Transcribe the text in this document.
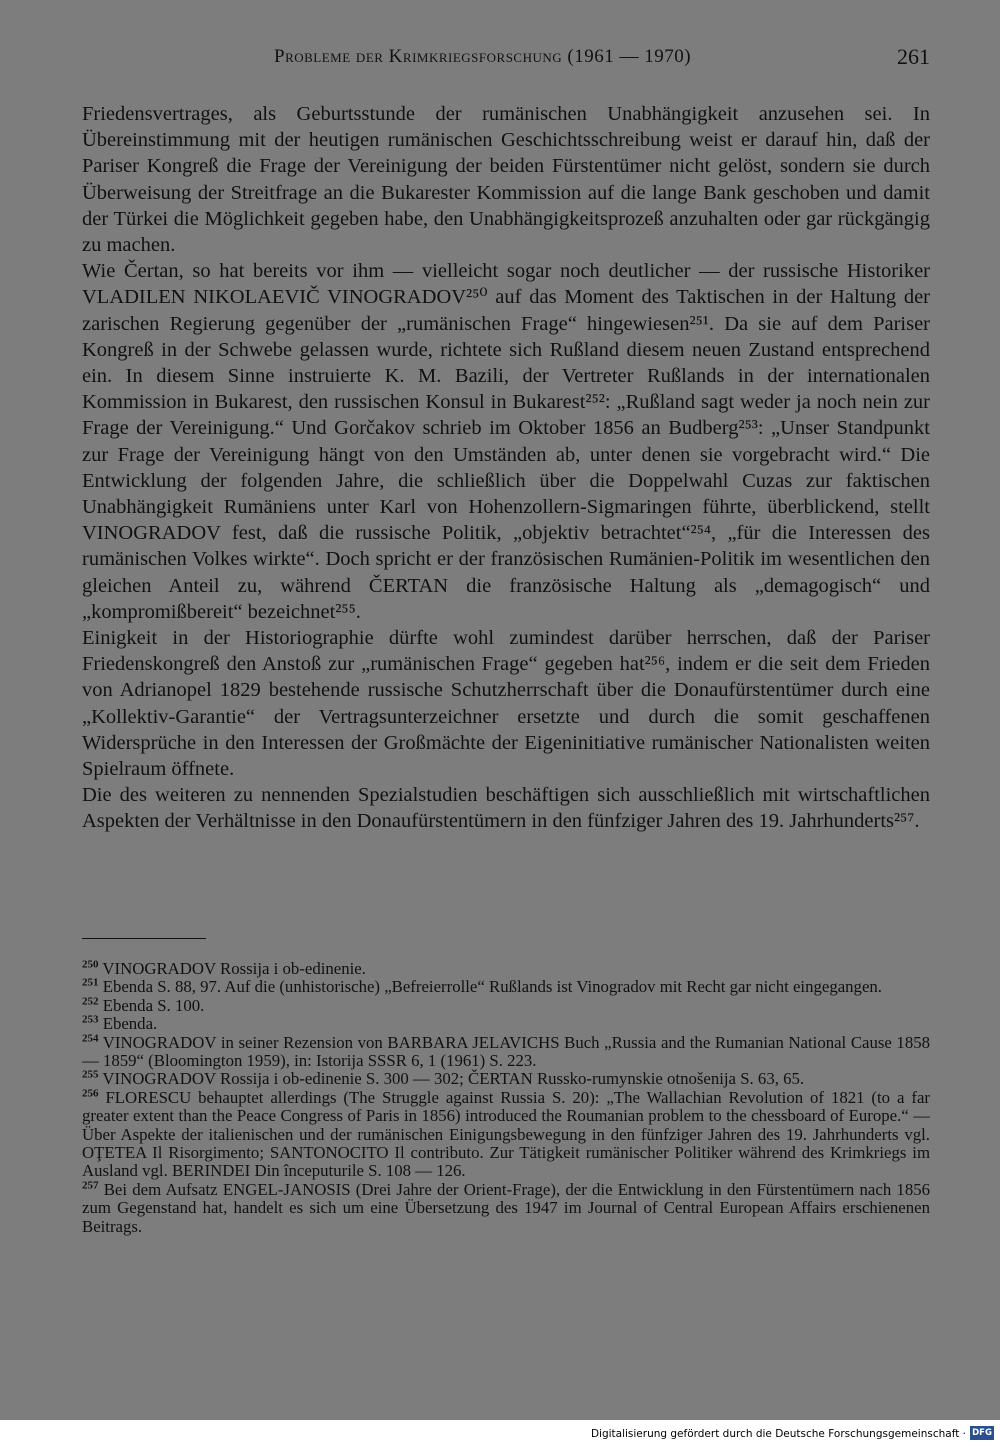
Probleme der Krimkriegsforschung (1961 — 1970)	261

Friedensvertrages, als Geburtsstunde der rumänischen Unabhängigkeit anzusehen sei. In Übereinstimmung mit der heutigen rumänischen Geschichtsschreibung weist er darauf hin, daß der Pariser Kongreß die Frage der Vereinigung der beiden Fürstentümer nicht gelöst, sondern sie durch Überweisung der Streitfrage an die Bukarester Kommission auf die lange Bank geschoben und damit der Türkei die Möglichkeit gegeben habe, den Unabhängigkeitsprozeß anzuhalten oder gar rückgängig zu machen.

Wie Čertan, so hat bereits vor ihm — vielleicht sogar noch deutlicher — der russische Historiker VLADILEN NIKOLAEVIČ VINOGRADOV²⁵⁰ auf das Moment des Taktischen in der Haltung der zarischen Regierung gegenüber der „rumänischen Frage“ hingewiesen²⁵¹. Da sie auf dem Pariser Kongreß in der Schwebe gelassen wurde, richtete sich Rußland diesem neuen Zustand entsprechend ein. In diesem Sinne instruierte K. M. Bazili, der Vertreter Rußlands in der internationalen Kommission in Bukarest, den russischen Konsul in Bukarest²⁵²: „Rußland sagt weder ja noch nein zur Frage der Vereinigung.“ Und Gorčakov schrieb im Oktober 1856 an Budberg²⁵³: „Unser Standpunkt zur Frage der Vereinigung hängt von den Umständen ab, unter denen sie vorgebracht wird.“ Die Entwicklung der folgenden Jahre, die schließlich über die Doppelwahl Cuzas zur faktischen Unabhängigkeit Rumäniens unter Karl von Hohenzollern-Sigmaringen führte, überblickend, stellt VINOGRADOV fest, daß die russische Politik, „objektiv betrachtet“²⁵⁴, „für die Interessen des rumänischen Volkes wirkte“. Doch spricht er der französischen Rumänien-Politik im wesentlichen den gleichen Anteil zu, während ČERTAN die französische Haltung als „demagogisch“ und „kompromißbereit“ bezeichnet²⁵⁵.

Einigkeit in der Historiographie dürfte wohl zumindest darüber herrschen, daß der Pariser Friedenskongreß den Anstoß zur „rumänischen Frage“ gegeben hat²⁵⁶, indem er die seit dem Frieden von Adrianopel 1829 bestehende russische Schutzherrschaft über die Donaufürstentümer durch eine „Kollektiv-Garantie“ der Vertragsunterzeichner ersetzte und durch die somit geschaffenen Widersprüche in den Interessen der Großmächte der Eigeninitiative rumänischer Nationalisten weiten Spielraum öffnete.

Die des weiteren zu nennenden Spezialstudien beschäftigen sich ausschließlich mit wirtschaftlichen Aspekten der Verhältnisse in den Donaufürstentümern in den fünfziger Jahren des 19. Jahrhunderts²⁵⁷.

$^{250}$ VINOGRADOV Rossija i ob-edinenie.

$^{251}$ Ebenda S. 88, 97. Auf die (unhistorische) „Befreierrolle“ Rußlands ist Vinogradov mit Recht gar nicht eingegangen.

$^{252}$ Ebenda S. 100.

$^{253}$ Ebenda.

$^{254}$ VINOGRADOV in seiner Rezension von BARBARA JELAVICHS Buch „Russia and the Rumanian National Cause 1858 — 1859“ (Bloomington 1959), in: Istorija SSSR 6, 1 (1961) S. 223.

$^{255}$ VINOGRADOV Rossija i ob-edinenie S. 300 — 302; ČERTAN Russko-rumynskie otnošenija S. 63, 65.

$^{256}$ FLORESCU behauptet allerdings (The Struggle against Russia S. 20): „The Wallachian Revolution of 1821 (to a far greater extent than the Peace Congress of Paris in 1856) introduced the Roumanian problem to the chessboard of Europe.“ — Über Aspekte der italienischen und der rumänischen Einigungsbewegung in den fünfziger Jahren des 19. Jahrhunderts vgl. OŢETEA Il Risorgimento; SANTONOCITO Il contributo. Zur Tätigkeit rumänischer Politiker während des Krimkriegs im Ausland vgl. BERINDEI Din începuturile S. 108 — 126.

$^{257}$ Bei dem Aufsatz ENGEL-JANOSIS (Drei Jahre der Orient-Frage), der die Entwicklung in den Fürstentümern nach 1856 zum Gegenstand hat, handelt es sich um eine Übersetzung des 1947 im Journal of Central European Affairs erschienenen Beitrags.

Digitalisierung gefördert durch die Deutsche Forschungsgemeinschaft · DFG
